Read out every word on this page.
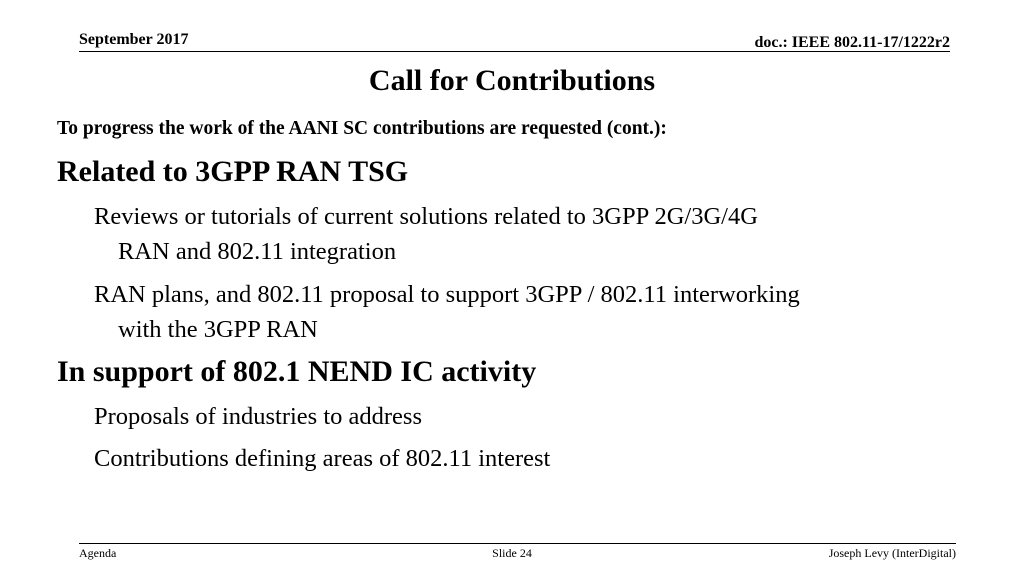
September 2017	doc.: IEEE 802.11-17/1222r2
Call for Contributions
To progress the work of the AANI SC contributions are requested (cont.):
Related to 3GPP RAN TSG
Reviews or tutorials of current solutions related to 3GPP 2G/3G/4G
RAN and 802.11 integration
RAN plans, and 802.11 proposal to support 3GPP / 802.11 interworking
with the 3GPP RAN
In support of 802.1 NEND IC activity
Proposals of industries to address
Contributions defining areas of 802.11 interest
Agenda	Slide 24	Joseph Levy (InterDigital)
